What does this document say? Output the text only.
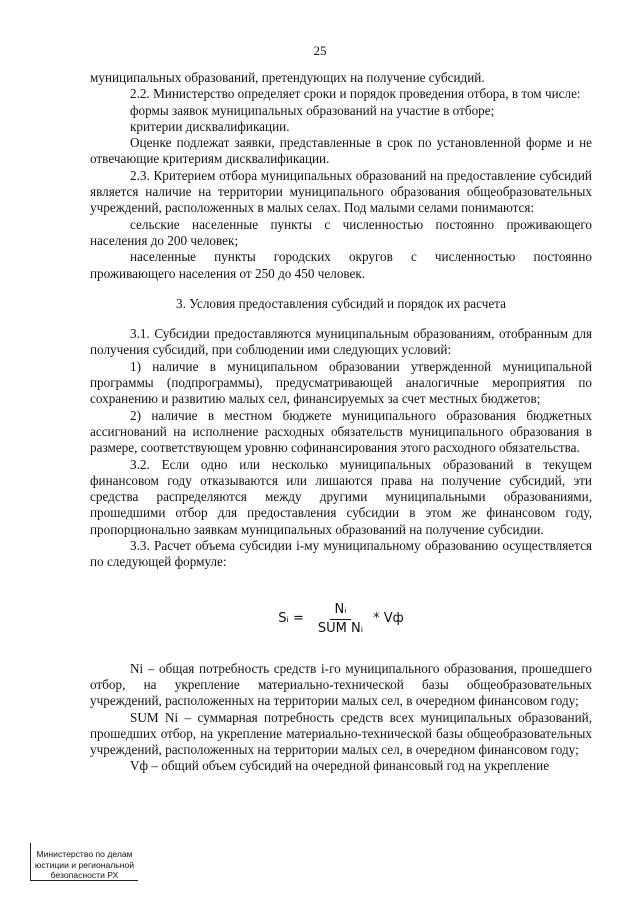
25

муниципальных образований, претендующих на получение субсидий.

2.2. Министерство определяет сроки и порядок проведения отбора, в том числе:

формы заявок муниципальных образований на участие в отборе;

критерии дисквалификации.

Оценке подлежат заявки, представленные в срок по установленной форме и не отвечающие критериям дисквалификации.

2.3. Критерием отбора муниципальных образований на предоставление субсидий является наличие на территории муниципального образования общеобразовательных учреждений, расположенных в малых селах. Под малыми селами понимаются:

сельские населенные пункты с численностью постоянно проживающего населения до 200 человек;

населенные пункты городских округов с численностью постоянно проживающего населения от 250 до 450 человек.

3. Условия предоставления субсидий и порядок их расчета

3.1. Субсидии предоставляются муниципальным образованиям, отобранным для получения субсидий, при соблюдении ими следующих условий:

1) наличие в муниципальном образовании утвержденной муниципальной программы (подпрограммы), предусматривающей аналогичные мероприятия по сохранению и развитию малых сел, финансируемых за счет местных бюджетов;

2) наличие в местном бюджете муниципального образования бюджетных ассигнований на исполнение расходных обязательств муниципального образования в размере, соответствующем уровню софинансирования этого расходного обязательства.

3.2. Если одно или несколько муниципальных образований в текущем финансовом году отказываются или лишаются права на получение субсидий, эти средства распределяются между другими муниципальными образованиями, прошедшими отбор для предоставления субсидии в этом же финансовом году, пропорционально заявкам муниципальных образований на получение субсидии.

3.3. Расчет объема субсидии i-му муниципальному образованию осуществляется по следующей формуле:

Sᵢ = $\frac{\text{Nᵢ}}{\text{SUM Nᵢ}}$ * Vф

Ni – общая потребность средств i-го муниципального образования, прошедшего отбор, на укрепление материально-технической базы общеобразовательных учреждений, расположенных на территории малых сел, в очередном финансовом году;

SUM Ni – суммарная потребность средств всех муниципальных образований, прошедших отбор, на укрепление материально-технической базы общеобразовательных учреждений, расположенных на территории малых сел, в очередном финансовом году;

Vф – общий объем субсидий на очередной финансовый год на укрепление

Министерство по делам
юстиции и региональной
безопасности РХ
